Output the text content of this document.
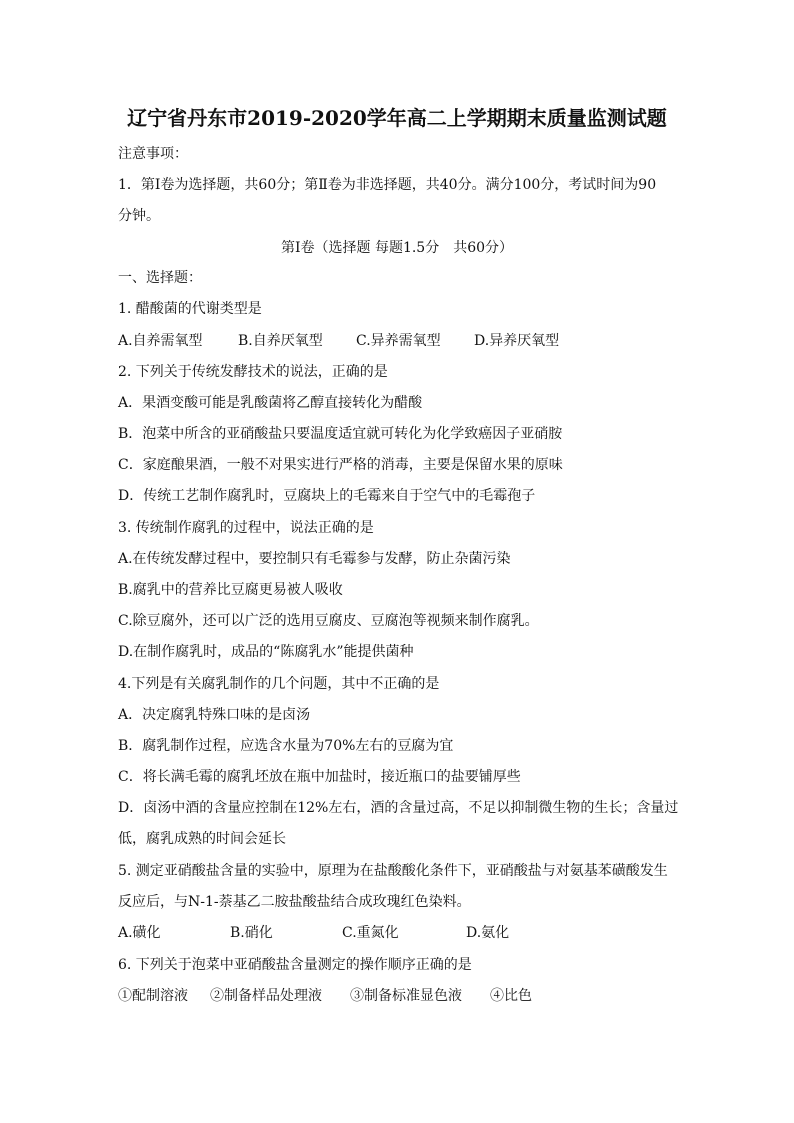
辽宁省丹东市2019-2020学年高二上学期期末质量监测试题
注意事项：
1．第Ⅰ卷为选择题，共60分；第Ⅱ卷为非选择题，共40分。满分100分，考试时间为90
分钟。
第Ⅰ卷（选择题 每题1.5分　共60分）
一、选择题：
1. 醋酸菌的代谢类型是
A.自养需氧型	B.自养厌氧型 C.异养需氧型 D.异养厌氧型
2. 下列关于传统发酵技术的说法，正确的是
A．果酒变酸可能是乳酸菌将乙醇直接转化为醋酸
B．泡菜中所含的亚硝酸盐只要温度适宜就可转化为化学致癌因子亚硝胺
C．家庭酿果酒，一般不对果实进行严格的消毒，主要是保留水果的原味
D．传统工艺制作腐乳时，豆腐块上的毛霉来自于空气中的毛霉孢子
3. 传统制作腐乳的过程中，说法正确的是
A.在传统发酵过程中，要控制只有毛霉参与发酵，防止杂菌污染
B.腐乳中的营养比豆腐更易被人吸收
C.除豆腐外，还可以广泛的选用豆腐皮、豆腐泡等视频来制作腐乳。
D.在制作腐乳时，成品的“陈腐乳水”能提供菌种
4.下列是有关腐乳制作的几个问题，其中不正确的是
A．决定腐乳特殊口味的是卤汤
B．腐乳制作过程，应选含水量为70%左右的豆腐为宜
C．将长满毛霉的腐乳坯放在瓶中加盐时，接近瓶口的盐要铺厚些
D．卤汤中酒的含量应控制在12%左右，酒的含量过高，不足以抑制微生物的生长；含量过
低，腐乳成熟的时间会延长
5. 测定亚硝酸盐含量的实验中，原理为在盐酸酸化条件下，亚硝酸盐与对氨基苯磺酸发生
反应后，与N-1-萘基乙二胺盐酸盐结合成玫瑰红色染料。
A.磺化	B.硝化	C.重氮化	D.氨化
6. 下列关于泡菜中亚硝酸盐含量测定的操作顺序正确的是
①配制溶液 ②制备样品处理液 ③制备标准显色液 ④比色
